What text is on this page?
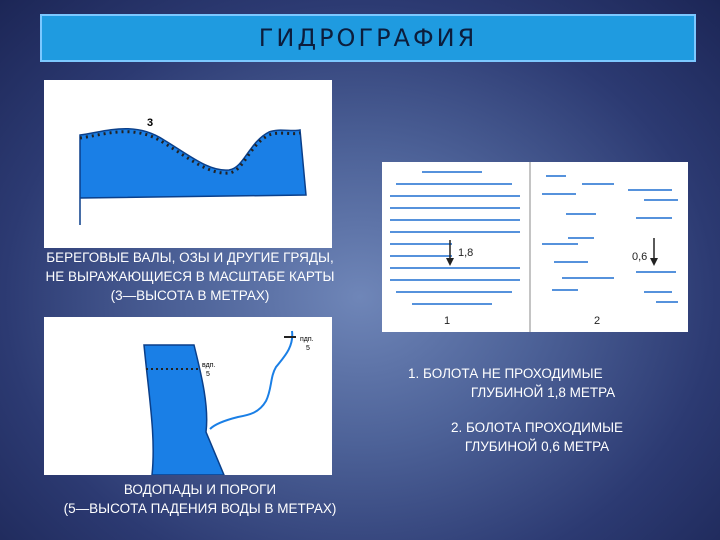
ГИДРОГРАФИЯ
3
БЕРЕГОВЫЕ ВАЛЫ, ОЗЫ И ДРУГИЕ ГРЯДЫ,
НЕ ВЫРАЖАЮЩИЕСЯ В МАСШТАБЕ КАРТЫ
(3—ВЫСОТА В МЕТРАХ)
вдп. 5
пдп. 5
ВОДОПАДЫ И ПОРОГИ
(5—ВЫСОТА ПАДЕНИЯ ВОДЫ В МЕТРАХ)
1,8
1
0,6
2
1. БОЛОТА НЕ ПРОХОДИМЫЕ
ГЛУБИНОЙ 1,8 МЕТРА
2. БОЛОТА ПРОХОДИМЫЕ
ГЛУБИНОЙ 0,6 МЕТРА
